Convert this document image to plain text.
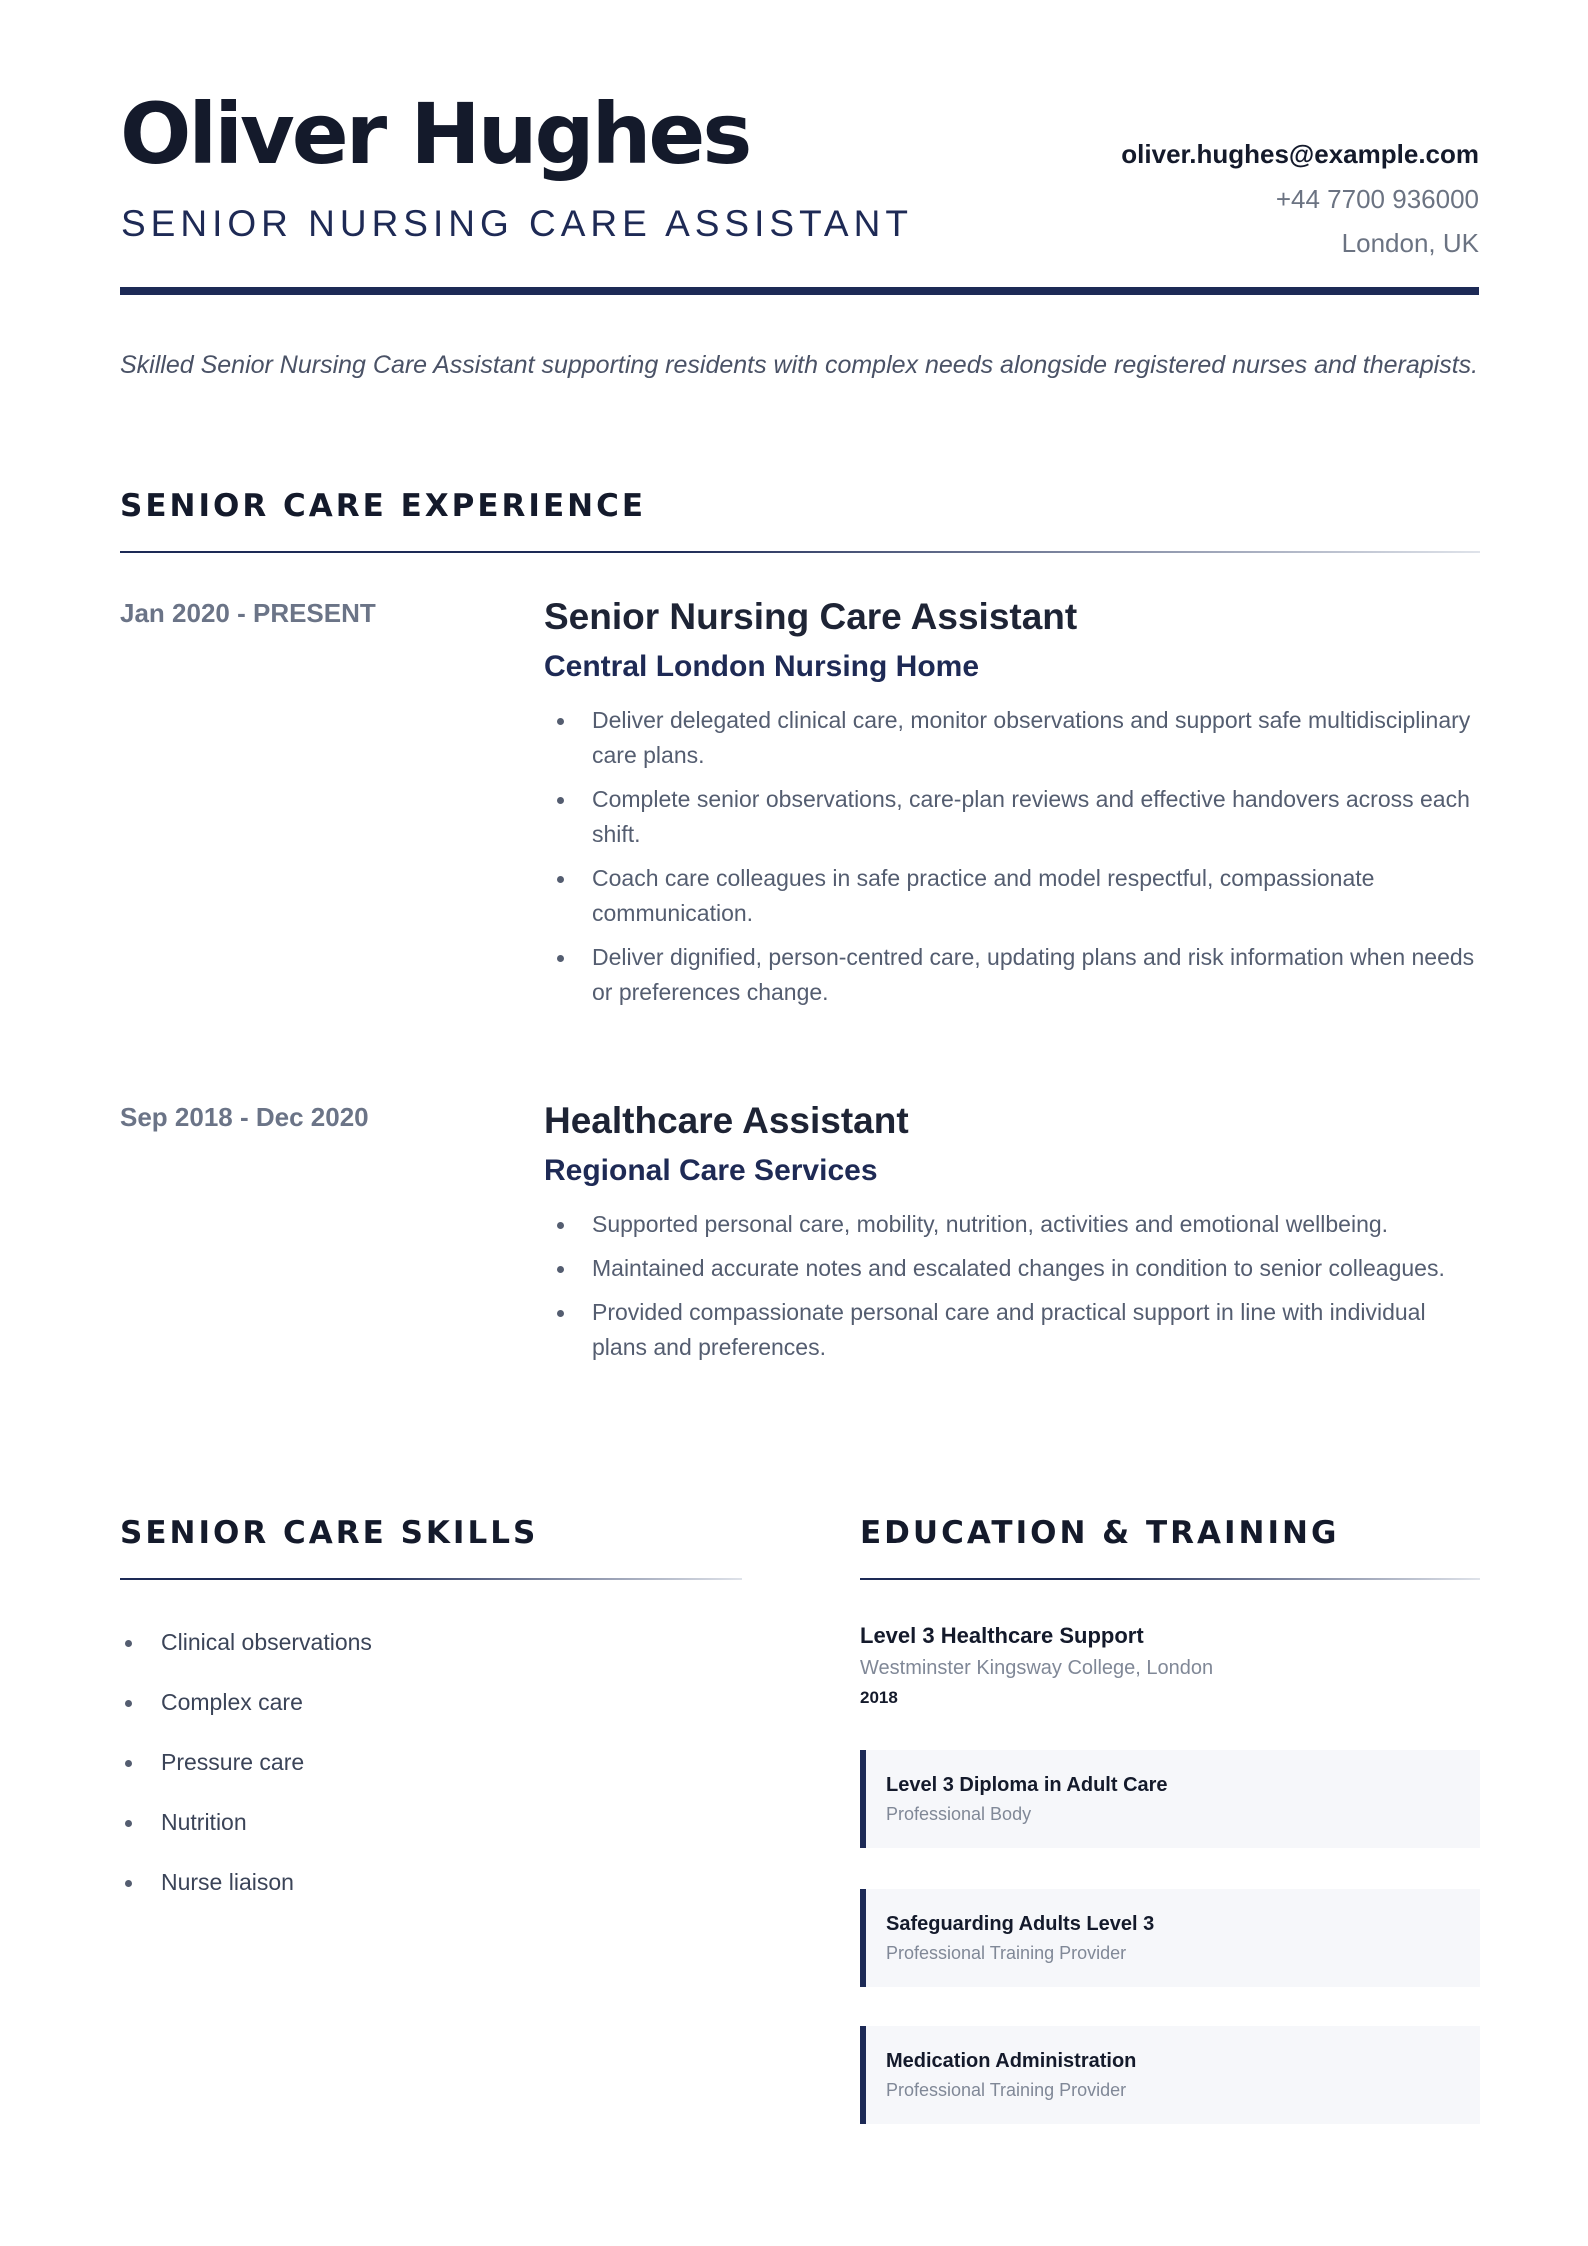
Oliver Hughes
SENIOR NURSING CARE ASSISTANT
oliver.hughes@example.com
+44 7700 936000
London, UK

Skilled Senior Nursing Care Assistant supporting residents with complex needs alongside registered nurses and therapists.

SENIOR CARE EXPERIENCE
Jan 2020 - PRESENT	Senior Nursing Care Assistant
Central London Nursing Home
Deliver delegated clinical care, monitor observations and support safe multidisciplinary care plans.
Complete senior observations, care-plan reviews and effective handovers across each shift.
Coach care colleagues in safe practice and model respectful, compassionate communication.
Deliver dignified, person-centred care, updating plans and risk information when needs or preferences change.
Sep 2018 - Dec 2020	Healthcare Assistant
Regional Care Services
Supported personal care, mobility, nutrition, activities and emotional wellbeing.
Maintained accurate notes and escalated changes in condition to senior colleagues.
Provided compassionate personal care and practical support in line with individual plans and preferences.
SENIOR CARE SKILLS
Clinical observations
Complex care
Pressure care
Nutrition
Nurse liaison
EDUCATION & TRAINING
Level 3 Healthcare Support
Westminster Kingsway College, London
2018
Level 3 Diploma in Adult Care
Professional Body
Safeguarding Adults Level 3
Professional Training Provider
Medication Administration
Professional Training Provider
